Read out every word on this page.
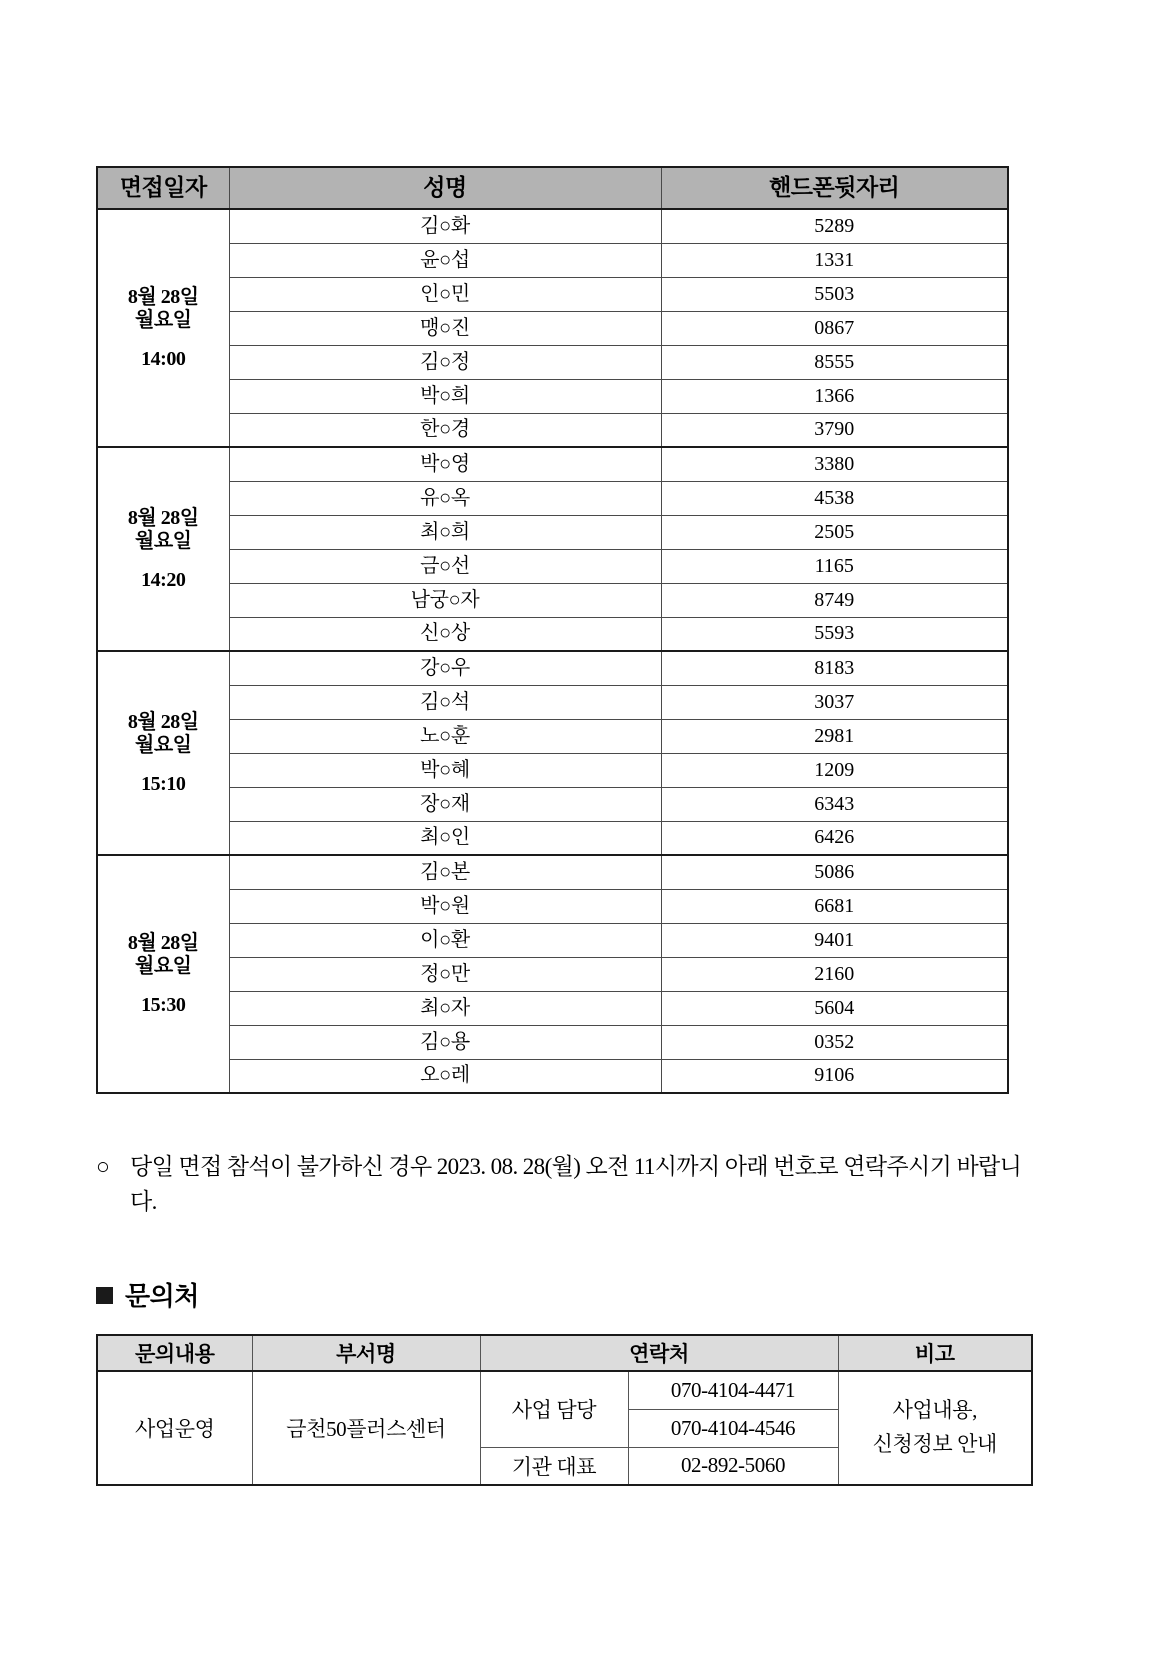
면접일자	성명	핸드폰뒷자리

8월 28일
월요일
14:00	김○화	5289
	윤○섭	1331
	인○민	5503
	맹○진	0867
	김○정	8555
	박○희	1366
	한○경	3790

8월 28일
월요일
14:20	박○영	3380
	유○옥	4538
	최○희	2505
	금○선	1165
	남궁○자	8749
	신○상	5593

8월 28일
월요일
15:10	강○우	8183
	김○석	3037
	노○훈	2981
	박○혜	1209
	장○재	6343
	최○인	6426

8월 28일
월요일
15:30	김○본	5086
	박○원	6681
	이○환	9401
	정○만	2160
	최○자	5604
	김○용	0352
	오○레	9106
○ 당일 면접 참석이 불가하신 경우 2023. 08. 28(월) 오전 11시까지 아래 번호로 연락주시기 바랍니다.
문의처
문의내용	부서명	연락처		비고
사업운영	금천50플러스센터	사업 담당	070-4104-4471	사업내용,
신청정보 안내

			070-4104-4546	
		기관 대표	02-892-5060	
